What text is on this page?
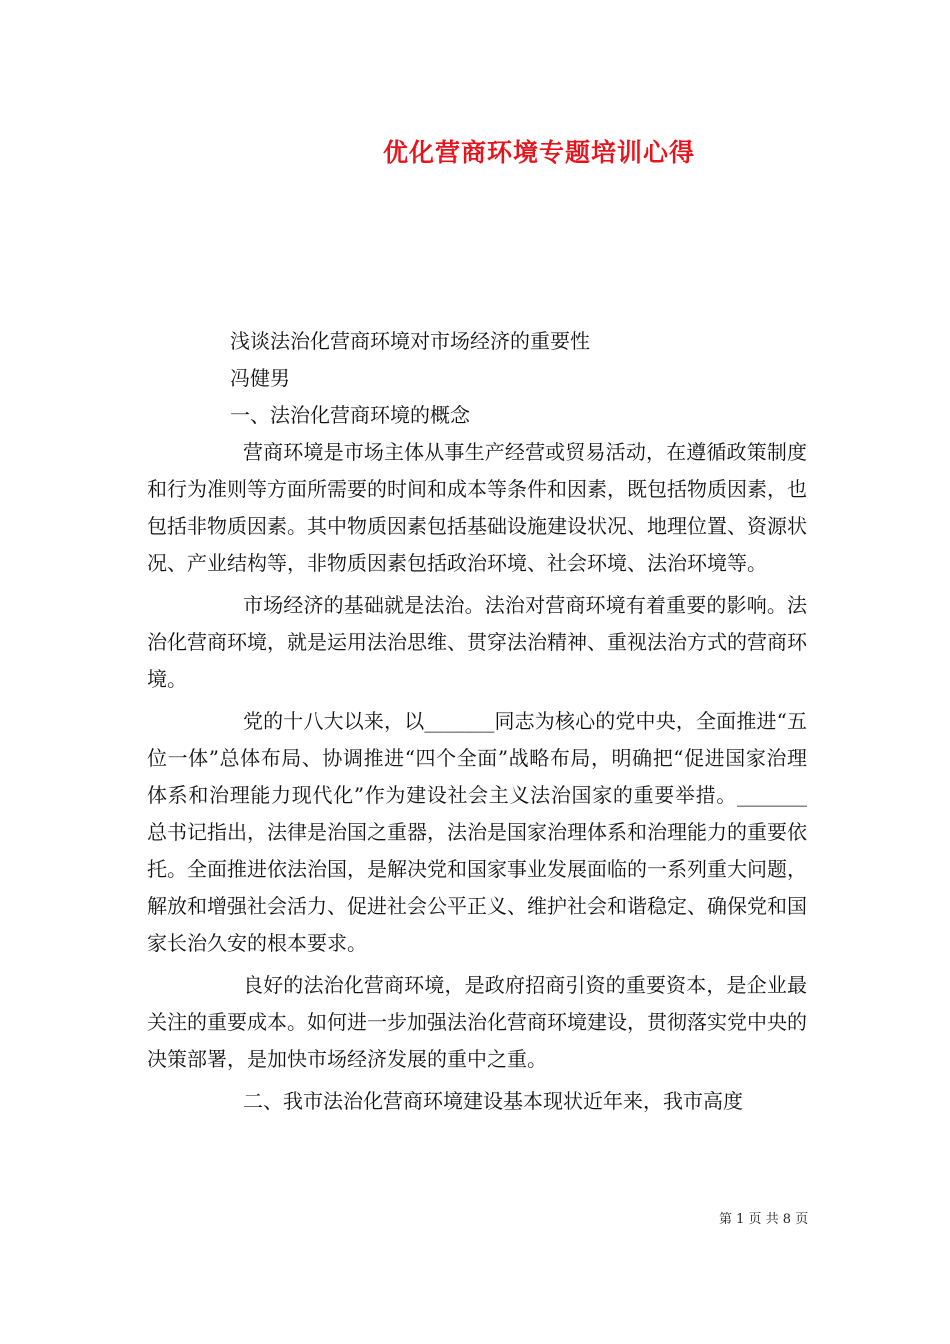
优化营商环境专题培训心得

浅谈法治化营商环境对市场经济的重要性

冯健男

一、法治化营商环境的概念

营商环境是市场主体从事生产经营或贸易活动，在遵循政策制度和行为准则等方面所需要的时间和成本等条件和因素，既包括物质因素，也包括非物质因素。其中物质因素包括基础设施建设状况、地理位置、资源状况、产业结构等，非物质因素包括政治环境、社会环境、法治环境等。

市场经济的基础就是法治。法治对营商环境有着重要的影响。法治化营商环境，就是运用法治思维、贯穿法治精神、重视法治方式的营商环境。

党的十八大以来，以_______同志为核心的党中央，全面推进“五位一体”总体布局、协调推进“四个全面”战略布局，明确把“促进国家治理体系和治理能力现代化”作为建设社会主义法治国家的重要举措。_______总书记指出，法律是治国之重器，法治是国家治理体系和治理能力的重要依托。全面推进依法治国，是解决党和国家事业发展面临的一系列重大问题，解放和增强社会活力、促进社会公平正义、维护社会和谐稳定、确保党和国家长治久安的根本要求。

良好的法治化营商环境，是政府招商引资的重要资本，是企业最关注的重要成本。如何进一步加强法治化营商环境建设，贯彻落实党中央的决策部署，是加快市场经济发展的重中之重。

二、我市法治化营商环境建设基本现状近年来，我市高度

第 1 页 共 8 页
